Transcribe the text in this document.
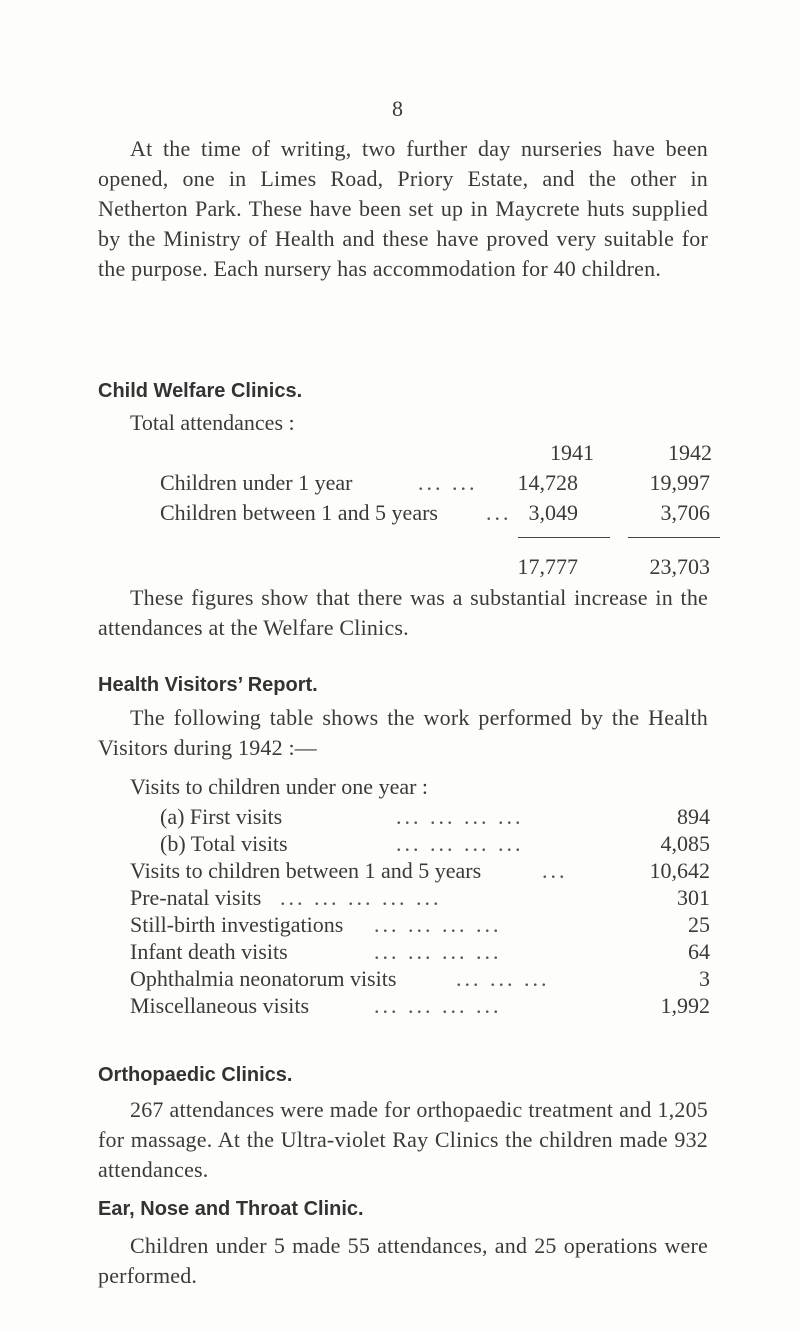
8

At the time of writing, two further day nurseries have been opened, one in Limes Road, Priory Estate, and the other in Netherton Park. These have been set up in Maycrete huts supplied by the Ministry of Health and these have proved very suitable for the purpose. Each nursery has accommodation for 40 children.

Child Welfare Clinics.
Total attendances :
1941	1942
Children under 1 year	... ...	14,728	19,997
Children between 1 and 5 years ... 3,049	3,706
17,777	23,703

These figures show that there was a substantial increase in the attendances at the Welfare Clinics.

Health Visitors’ Report.

The following table shows the work performed by the Health Visitors during 1942 :—

Visits to children under one year :
(a) First visits	... ... ... ...	894
(b) Total visits	... ... ... ...	4,085
Visits to children between 1 and 5 years	...	10,642
Pre-natal visits ... ... ... ... ...	301
Still-birth investigations ... ... ... ...	25
Infant death visits	... ... ... ...	64
Ophthalmia neonatorum visits	... ... ...	3
Miscellaneous visits	... ... ... ...	1,992
Orthopaedic Clinics.

267 attendances were made for orthopaedic treatment and 1,205 for massage. At the Ultra-violet Ray Clinics the children made 932 attendances.

Ear, Nose and Throat Clinic.

Children under 5 made 55 attendances, and 25 operations were performed.
